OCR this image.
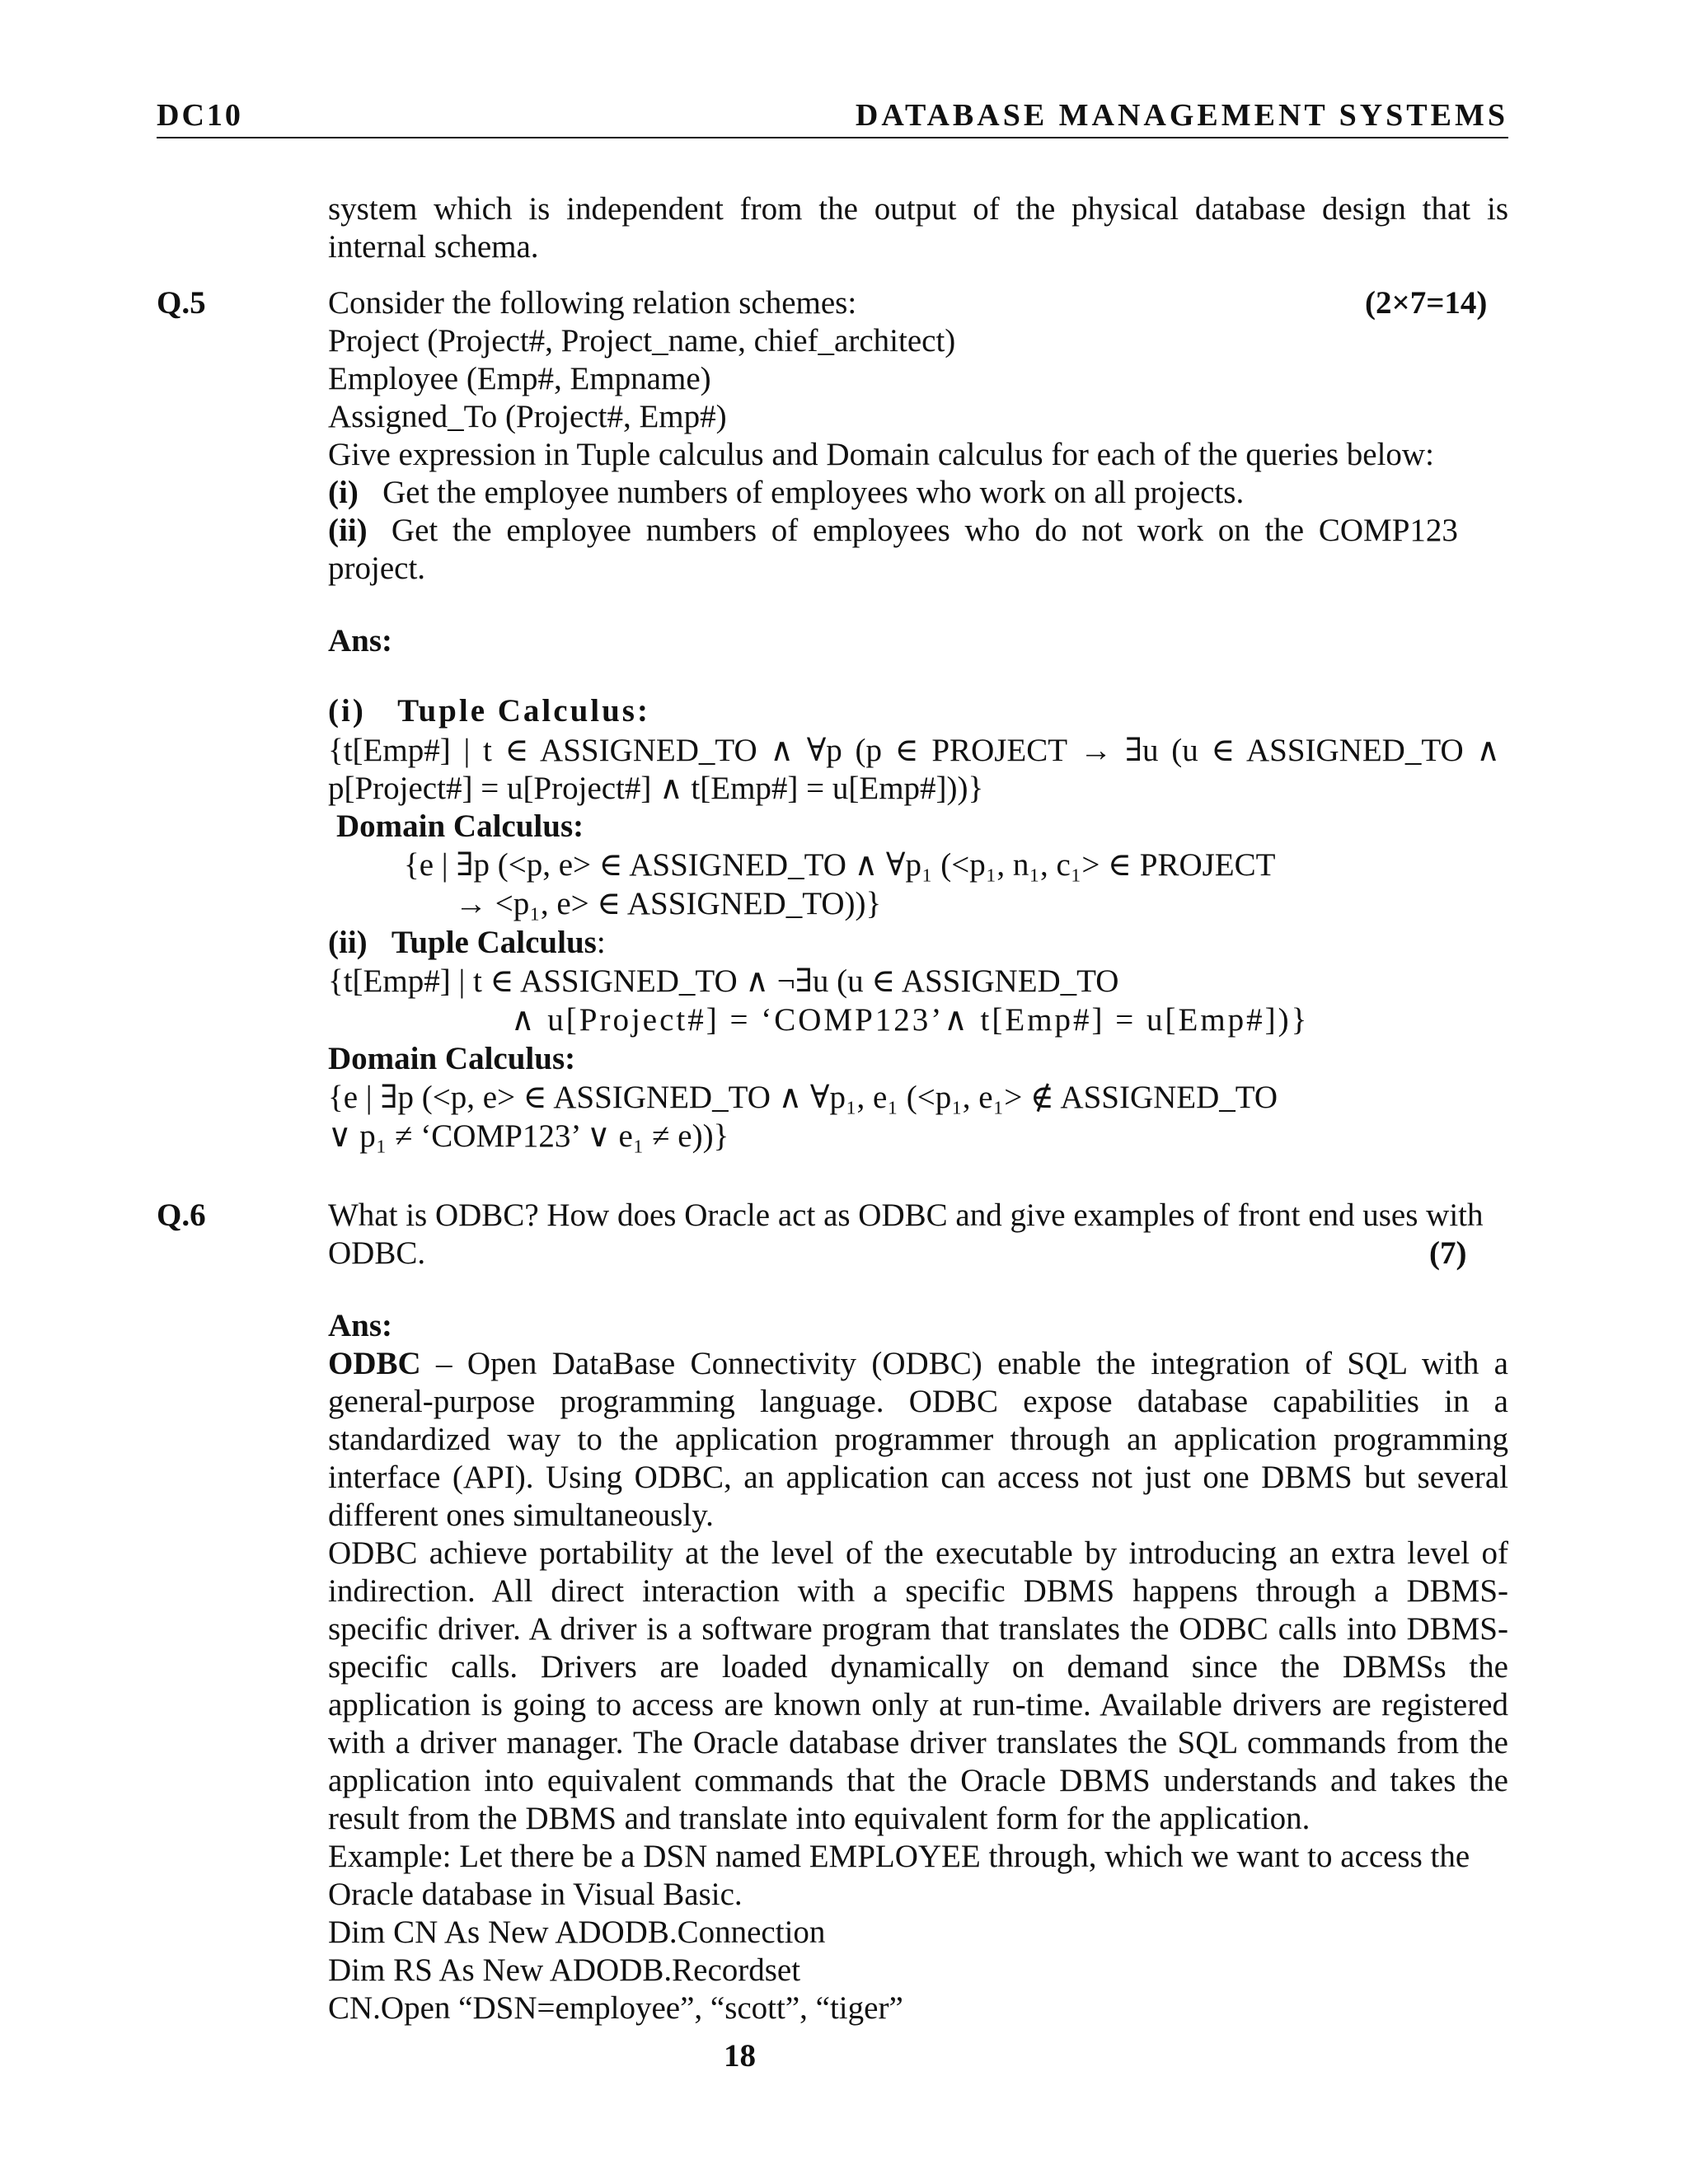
DC10	DATABASE MANAGEMENT SYSTEMS
system which is independent from the output of the physical database design that is
internal schema.
Q.5	Consider the following relation schemes:	(2×7=14)
Project (Project#, Project_name, chief_architect)
Employee (Emp#, Empname)
Assigned_To (Project#, Emp#)
Give expression in Tuple calculus and Domain calculus for each of the queries below:
(i) Get the employee numbers of employees who work on all projects.
(ii) Get the employee numbers of employees who do not work on the COMP123
project.
Ans:
(i) Tuple Calculus:
{t[Emp#] | t ∈ ASSIGNED_TO ∧ ∀p (p ∈ PROJECT → ∃u (u ∈ ASSIGNED_TO ∧
p[Project#] = u[Project#] ∧ t[Emp#] = u[Emp#]))}
Domain Calculus:
{e | ∃p (<p, e> ∈ ASSIGNED_TO ∧ ∀p₁ (<p₁, n₁, c₁> ∈ PROJECT
→ <p₁, e> ∈ ASSIGNED_TO))}
(ii) Tuple Calculus:
{t[Emp#] | t ∈ ASSIGNED_TO ∧ ¬∃u (u ∈ ASSIGNED_TO
∧ u[Project#] = ‘COMP123’∧ t[Emp#] = u[Emp#])}
Domain Calculus:
{e | ∃p (<p, e> ∈ ASSIGNED_TO ∧ ∀p₁, e₁ (<p₁, e₁> ∉ ASSIGNED_TO
∨ p₁ ≠ ‘COMP123’ ∨ e₁ ≠ e))}
Q.6	What is ODBC? How does Oracle act as ODBC and give examples of front end uses with
ODBC.	(7)
Ans:
ODBC – Open DataBase Connectivity (ODBC) enable the integration of SQL with a
general-purpose programming language. ODBC expose database capabilities in a
standardized way to the application programmer through an application programming
interface (API). Using ODBC, an application can access not just one DBMS but several
different ones simultaneously.
ODBC achieve portability at the level of the executable by introducing an extra level of
indirection. All direct interaction with a specific DBMS happens through a DBMS-
specific driver. A driver is a software program that translates the ODBC calls into DBMS-
specific calls. Drivers are loaded dynamically on demand since the DBMSs the
application is going to access are known only at run-time. Available drivers are registered
with a driver manager. The Oracle database driver translates the SQL commands from the
application into equivalent commands that the Oracle DBMS understands and takes the
result from the DBMS and translate into equivalent form for the application.
Example: Let there be a DSN named EMPLOYEE through, which we want to access the
Oracle database in Visual Basic.
Dim CN As New ADODB.Connection
Dim RS As New ADODB.Recordset
CN.Open “DSN=employee”, “scott”, “tiger”
18
